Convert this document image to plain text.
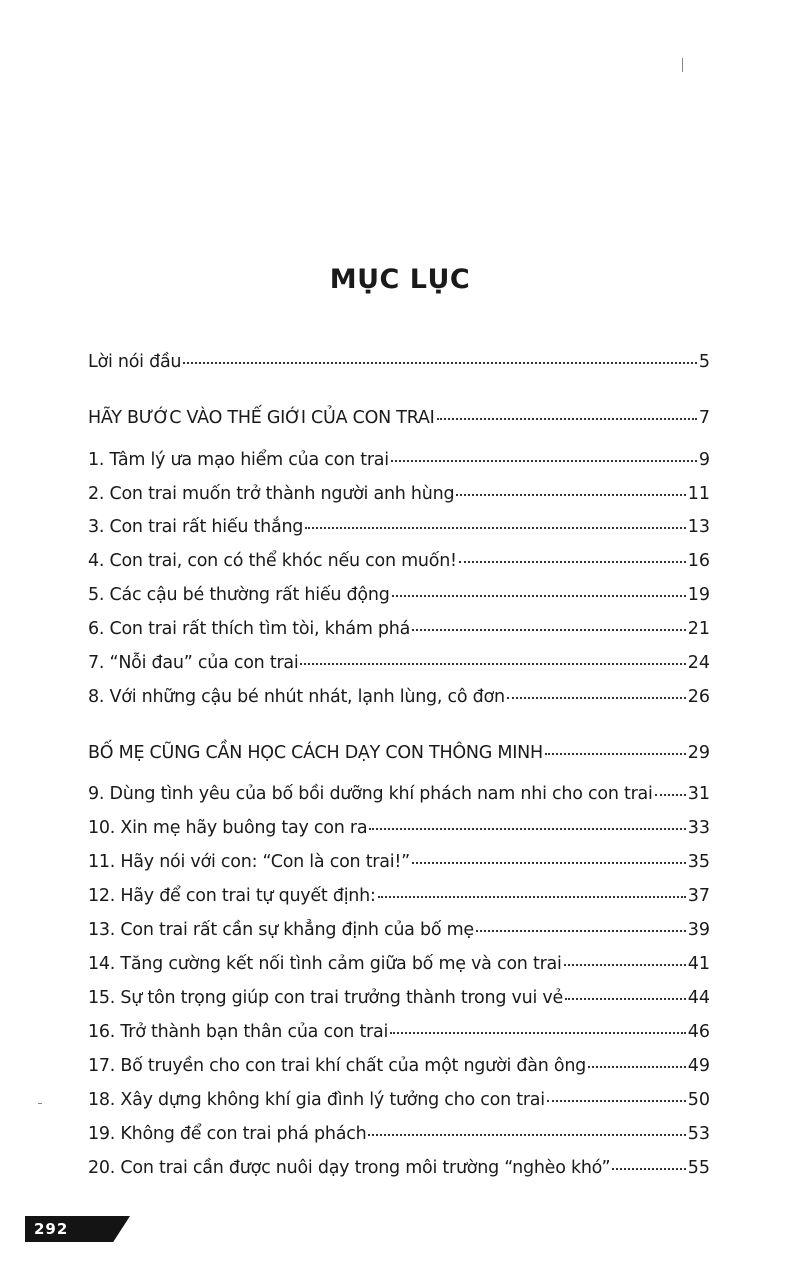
MỤC LỤC
Lời nói đầu	5
HÃY BƯỚC VÀO THẾ GIỚI CỦA CON TRAI	7
1. Tâm lý ưa mạo hiểm của con trai	9
2. Con trai muốn trở thành người anh hùng	11
3. Con trai rất hiếu thắng	13
4. Con trai, con có thể khóc nếu con muốn!	16
5. Các cậu bé thường rất hiếu động	19
6. Con trai rất thích tìm tòi, khám phá	21
7. “Nỗi đau” của con trai	24
8. Với những cậu bé nhút nhát, lạnh lùng, cô đơn	26
BỐ MẸ CŨNG CẦN HỌC CÁCH DẠY CON THÔNG MINH	29
9. Dùng tình yêu của bố bồi dưỡng khí phách nam nhi cho con trai 31
10. Xin mẹ hãy buông tay con ra	33
11. Hãy nói với con: “Con là con trai!”	35
12. Hãy để con trai tự quyết định:	37
13. Con trai rất cần sự khẳng định của bố mẹ	39
14. Tăng cường kết nối tình cảm giữa bố mẹ và con trai	41
15. Sự tôn trọng giúp con trai trưởng thành trong vui vẻ	44
16. Trở thành bạn thân của con trai	46
17. Bố truyền cho con trai khí chất của một người đàn ông	49
18. Xây dựng không khí gia đình lý tưởng cho con trai	50
19. Không để con trai phá phách	53
20. Con trai cần được nuôi dạy trong môi trường “nghèo khó”	55
292
